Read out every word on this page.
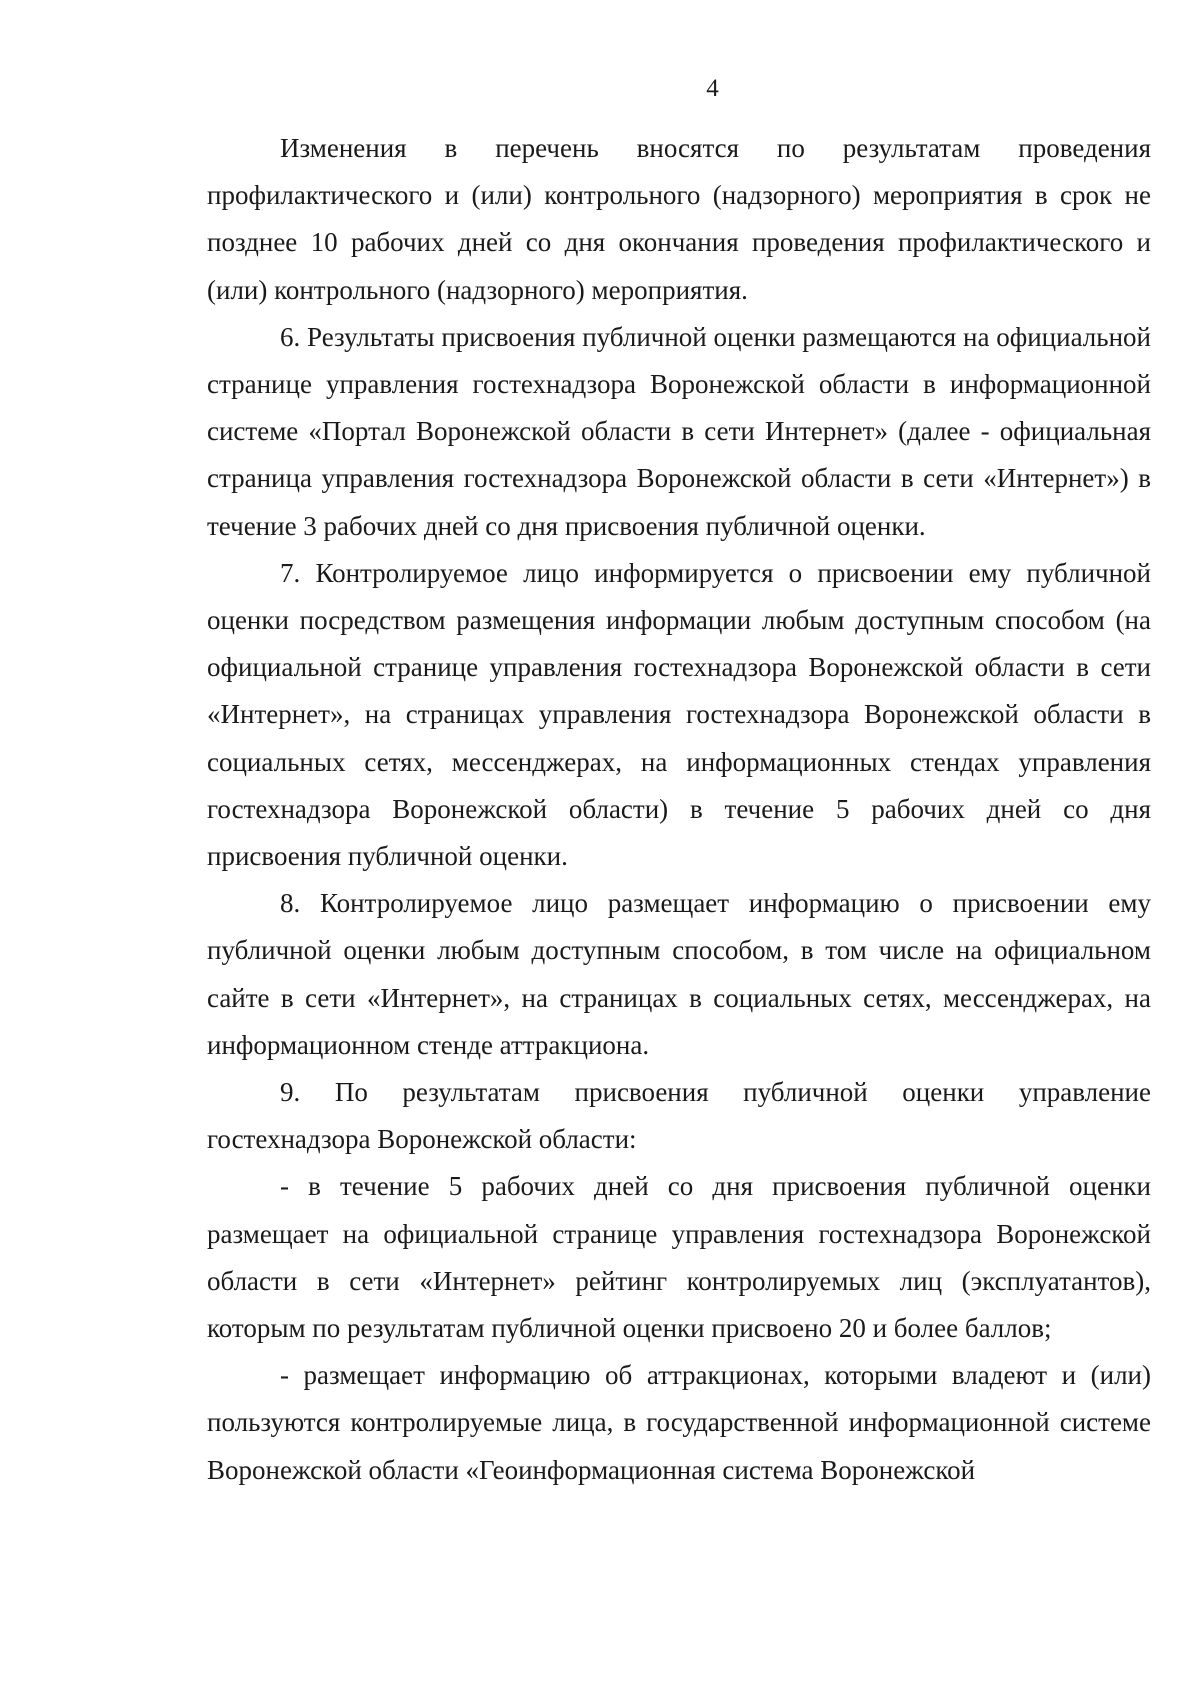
4

Изменения в перечень вносятся по результатам проведения профилактического и (или) контрольного (надзорного) мероприятия в срок не позднее 10 рабочих дней со дня окончания проведения профилактического и (или) контрольного (надзорного) мероприятия.

6. Результаты присвоения публичной оценки размещаются на официальной странице управления гостехнадзора Воронежской области в информационной системе «Портал Воронежской области в сети Интернет» (далее - официальная страница управления гостехнадзора Воронежской области в сети «Интернет») в течение 3 рабочих дней со дня присвоения публичной оценки.

7. Контролируемое лицо информируется о присвоении ему публичной оценки посредством размещения информации любым доступным способом (на официальной странице управления гостехнадзора Воронежской области в сети «Интернет», на страницах управления гостехнадзора Воронежской области в социальных сетях, мессенджерах, на информационных стендах управления гостехнадзора Воронежской области) в течение 5 рабочих дней со дня присвоения публичной оценки.

8. Контролируемое лицо размещает информацию о присвоении ему публичной оценки любым доступным способом, в том числе на официальном сайте в сети «Интернет», на страницах в социальных сетях, мессенджерах, на информационном стенде аттракциона.

9. По результатам присвоения публичной оценки управление гостехнадзора Воронежской области:

- в течение 5 рабочих дней со дня присвоения публичной оценки размещает на официальной странице управления гостехнадзора Воронежской области в сети «Интернет» рейтинг контролируемых лиц (эксплуатантов), которым по результатам публичной оценки присвоено 20 и более баллов;

- размещает информацию об аттракционах, которыми владеют и (или) пользуются контролируемые лица, в государственной информационной системе Воронежской области «Геоинформационная система Воронежской
